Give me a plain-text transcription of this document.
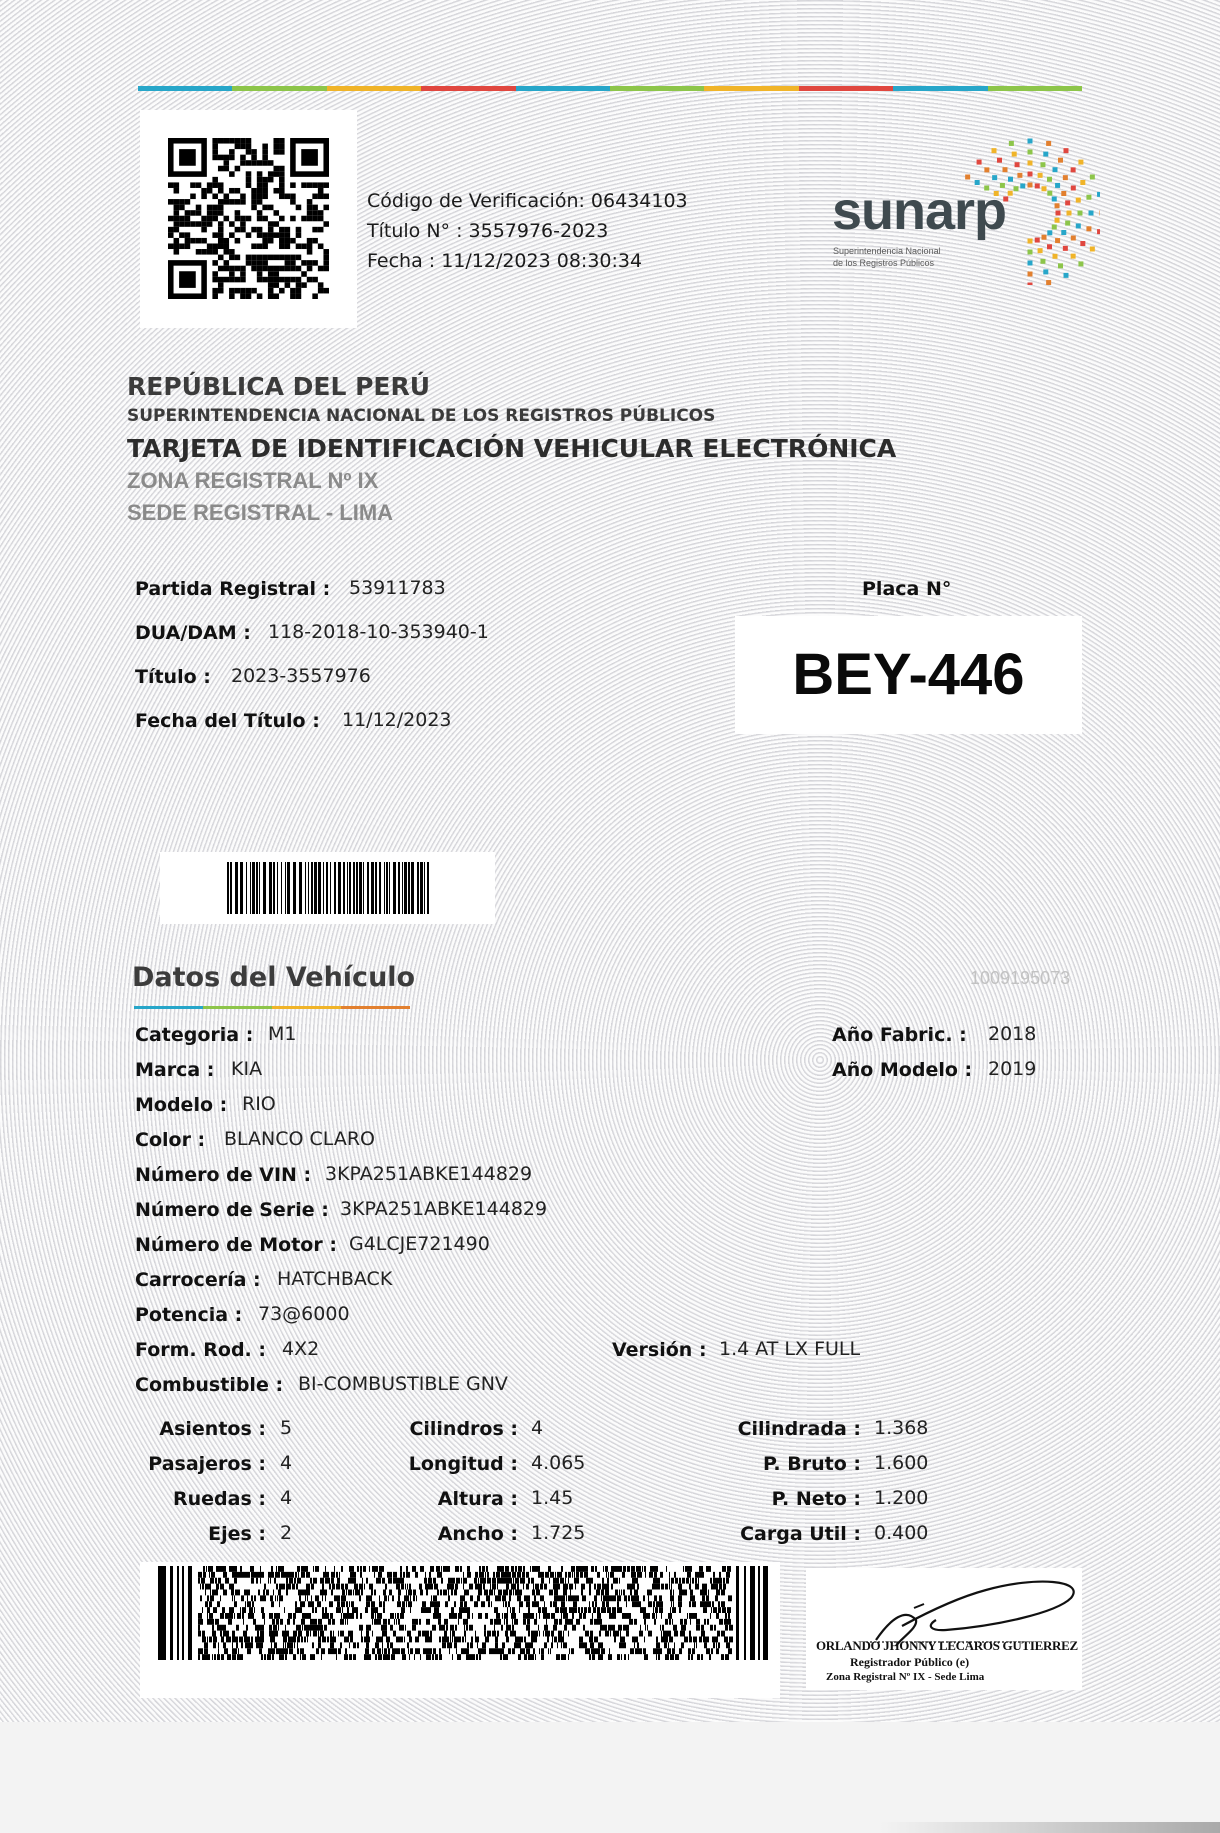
Código de Verificación: 06434103
Título N° : 3557976-2023
Fecha : 11/12/2023 08:30:34
sunarp
Superintendencia Nacional
de los Registros Públicos
REPÚBLICA DEL PERÚ
SUPERINTENDENCIA NACIONAL DE LOS REGISTROS PÚBLICOS
TARJETA DE IDENTIFICACIÓN VEHICULAR ELECTRÓNICA
ZONA REGISTRAL Nº IX
SEDE REGISTRAL - LIMA
Partida Registral : 53911783
DUA/DAM : 118-2018-10-353940-1
Título : 2023-3557976
Fecha del Título : 11/12/2023
Placa N°
BEY-446
Datos del Vehículo	1009195073
Categoria : M1
Marca : KIA
Modelo : RIO
Color : BLANCO CLARO
Número de VIN : 3KPA251ABKE144829
Número de Serie : 3KPA251ABKE144829
Número de Motor : G4LCJE721490
Carrocería : HATCHBACK
Potencia : 73@6000
Form. Rod. : 4X2
Combustible : BI-COMBUSTIBLE GNV
Versión : 1.4 AT LX FULL
Año Fabric. : 2018
Año Modelo : 2019
Asientos : 5
Pasajeros : 4
Ruedas : 4
Ejes : 2
Cilindros : 4
Longitud : 4.065
Altura : 1.45
Ancho : 1.725
Cilindrada : 1.368
P. Bruto : 1.600
P. Neto : 1.200
Carga Util : 0.400
ORLANDO JHONNY LECAROS GUTIERREZ
Registrador Público (e)
Zona Registral Nº IX - Sede Lima
